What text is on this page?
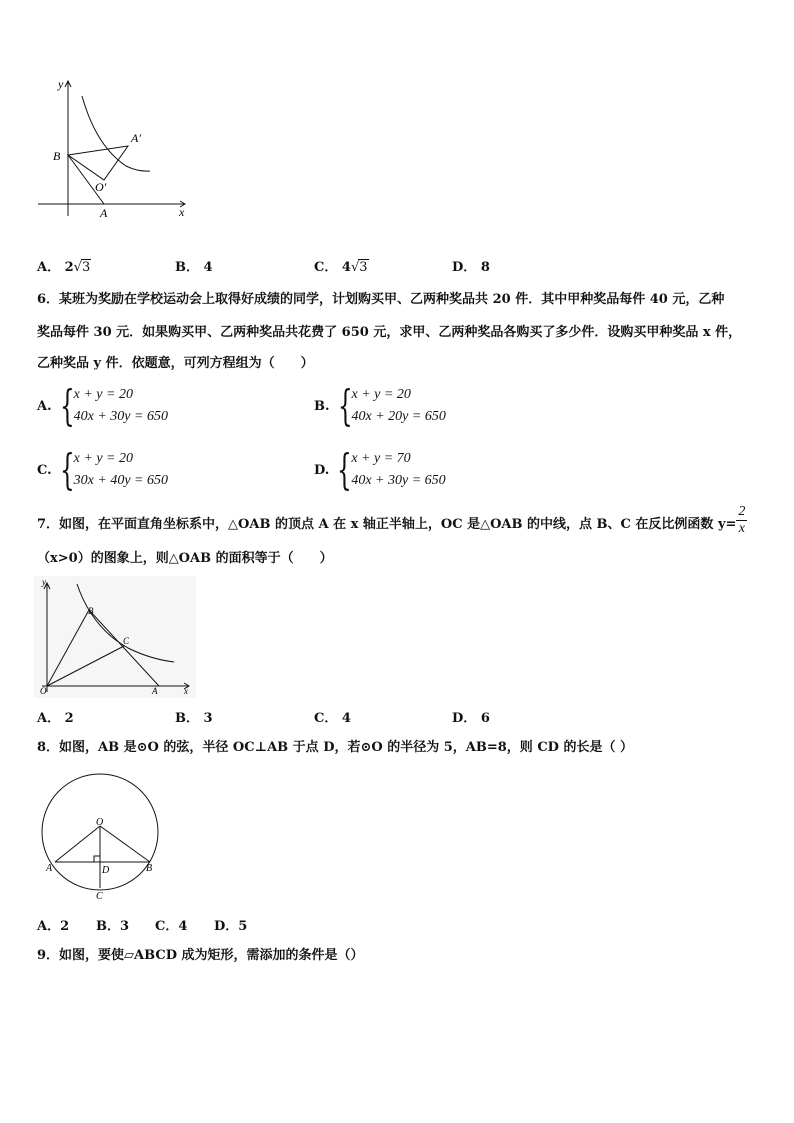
y
x
B
A
A′
O′
A． 2√3	B． 4	C． 4√3	D． 8
6．某班为奖励在学校运动会上取得好成绩的同学，计划购买甲、乙两种奖品共 20 件．其中甲种奖品每件 40 元，乙种
奖品每件 30 元．如果购买甲、乙两种奖品共花费了 650 元，求甲、乙两种奖品各购买了多少件．设购买甲种奖品 x 件，
乙种奖品 y 件．依题意，可列方程组为（　　）
A. { x + y = 20
40x + 30y = 650
B. { x + y = 20
40x + 20y = 650
C. { x + y = 20
30x + 40y = 650
D. { x + y = 70
40x + 30y = 650
7．如图，在平面直角坐标系中，△OAB 的顶点 A 在 x 轴正半轴上，OC 是△OAB 的中线，点 B、C 在反比例函数 $y= \frac{2}{x}$
（x>0）的图象上，则△OAB 的面积等于（　　）
y
x
O	A
B
C
A． 2	B． 3	C． 4	D． 6
8．如图，AB 是⊙O 的弦，半径 OC⊥AB 于点 D，若⊙O 的半径为 5，AB=8，则 CD 的长是（ ）
O
A	B
D
C
A．2 B．3 C．4 D．5
9．如图，要使▱ABCD 成为矩形，需添加的条件是（）
